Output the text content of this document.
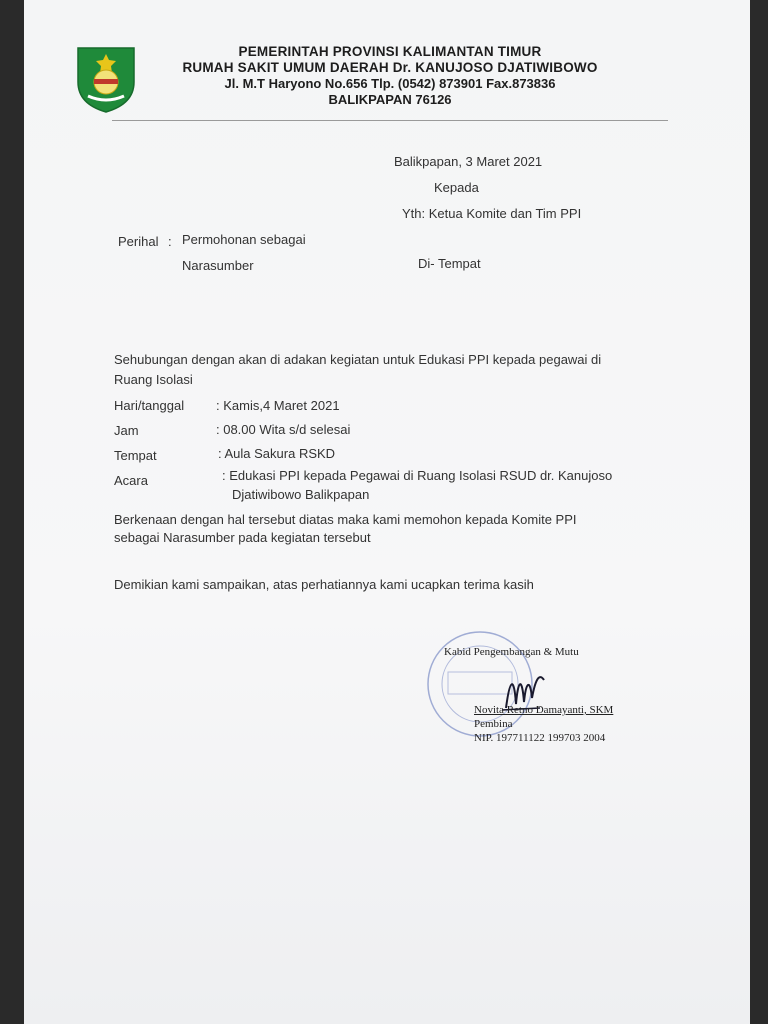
PEMERINTAH PROVINSI KALIMANTAN TIMUR
RUMAH SAKIT UMUM DAERAH Dr. KANUJOSO DJATIWIBOWO
Jl. M.T Haryono No.656 Tlp. (0542) 873901 Fax.873836
BALIKPAPAN 76126
Balikpapan, 3 Maret 2021
Kepada
Yth: Ketua Komite dan Tim PPI
Perihal : Permohonan sebagai
Narasumber	Di- Tempat
Sehubungan dengan akan di adakan kegiatan untuk Edukasi PPI kepada pegawai di
Ruang Isolasi
Hari/tanggal : Kamis,4 Maret 2021
Jam	: 08.00 Wita s/d selesai
Tempat	: Aula Sakura RSKD
Acara	: Edukasi PPI kepada Pegawai di Ruang Isolasi RSUD dr. Kanujoso
Djatiwibowo Balikpapan
Berkenaan dengan hal tersebut diatas maka kami memohon kepada Komite PPI
sebagai Narasumber pada kegiatan tersebut
Demikian kami sampaikan, atas perhatiannya kami ucapkan terima kasih
Kabid Pengembangan & Mutu
Novita Retno Damayanti, SKM
Pembina
NIP. 197711122 199703 2004
